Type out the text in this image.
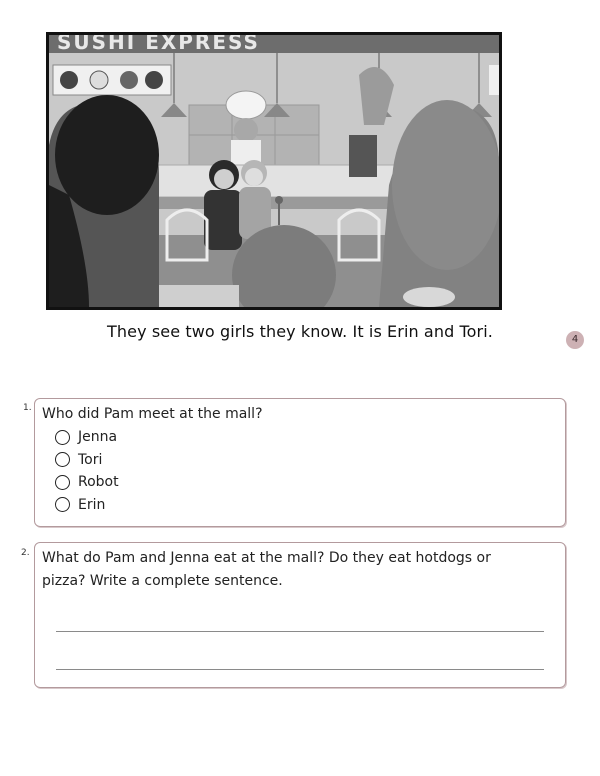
SUSHI EXPRESS
They see two girls they know. It is Erin and Tori.	4
1. Who did Pam meet at the mall?
Jenna
Tori
Robot
Erin
2. What do Pam and Jenna eat at the mall? Do they eat hotdogs or
pizza? Write a complete sentence.
